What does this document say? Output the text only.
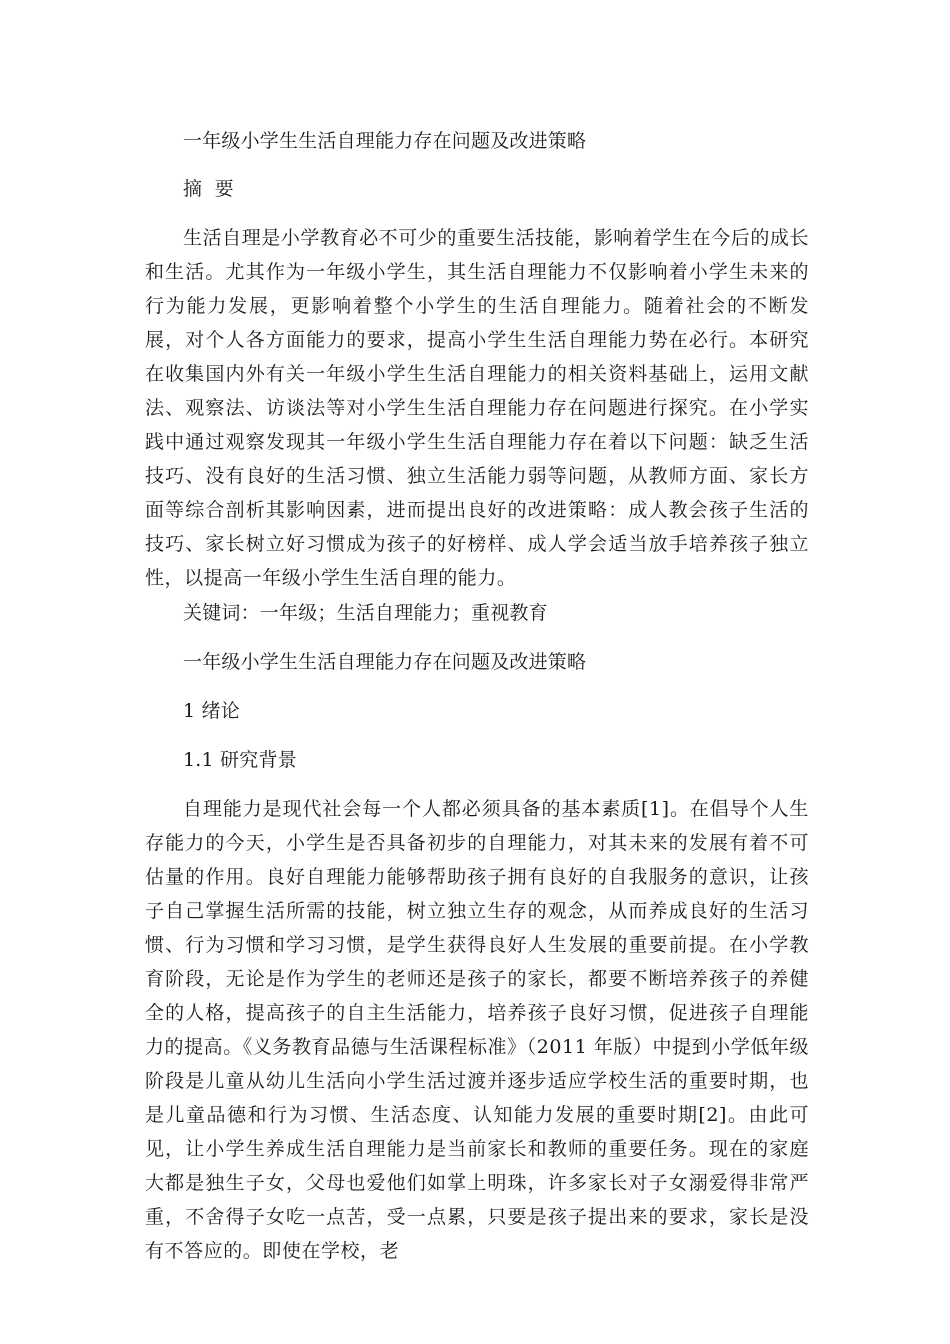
一年级小学生生活自理能力存在问题及改进策略
摘  要
生活自理是小学教育必不可少的重要生活技能，影响着学生在今后的成长和生活。尤其作为一年级小学生，其生活自理能力不仅影响着小学生未来的行为能力发展，更影响着整个小学生的生活自理能力。随着社会的不断发展，对个人各方面能力的要求，提高小学生生活自理能力势在必行。本研究在收集国内外有关一年级小学生生活自理能力的相关资料基础上，运用文献法、观察法、访谈法等对小学生生活自理能力存在问题进行探究。在小学实践中通过观察发现其一年级小学生生活自理能力存在着以下问题：缺乏生活技巧、没有良好的生活习惯、独立生活能力弱等问题，从教师方面、家长方面等综合剖析其影响因素，进而提出良好的改进策略：成人教会孩子生活的技巧、家长树立好习惯成为孩子的好榜样、成人学会适当放手培养孩子独立性，以提高一年级小学生生活自理的能力。
关键词：一年级；生活自理能力；重视教育
一年级小学生生活自理能力存在问题及改进策略
1 绪论
1.1 研究背景
自理能力是现代社会每一个人都必须具备的基本素质[1]。在倡导个人生存能力的今天，小学生是否具备初步的自理能力，对其未来的发展有着不可估量的作用。良好自理能力能够帮助孩子拥有良好的自我服务的意识，让孩子自己掌握生活所需的技能，树立独立生存的观念，从而养成良好的生活习惯、行为习惯和学习习惯，是学生获得良好人生发展的重要前提。在小学教育阶段，无论是作为学生的老师还是孩子的家长，都要不断培养孩子的养健全的人格，提高孩子的自主生活能力，培养孩子良好习惯，促进孩子自理能力的提高。《义务教育品德与生活课程标准》（2011 年版）中提到小学低年级阶段是儿童从幼儿生活向小学生活过渡并逐步适应学校生活的重要时期，也是儿童品德和行为习惯、生活态度、认知能力发展的重要时期[2]。由此可见，让小学生养成生活自理能力是当前家长和教师的重要任务。现在的家庭大都是独生子女，父母也爱他们如掌上明珠，许多家长对子女溺爱得非常严重，不舍得子女吃一点苦，受一点累，只要是孩子提出来的要求，家长是没有不答应的。即使在学校，老
